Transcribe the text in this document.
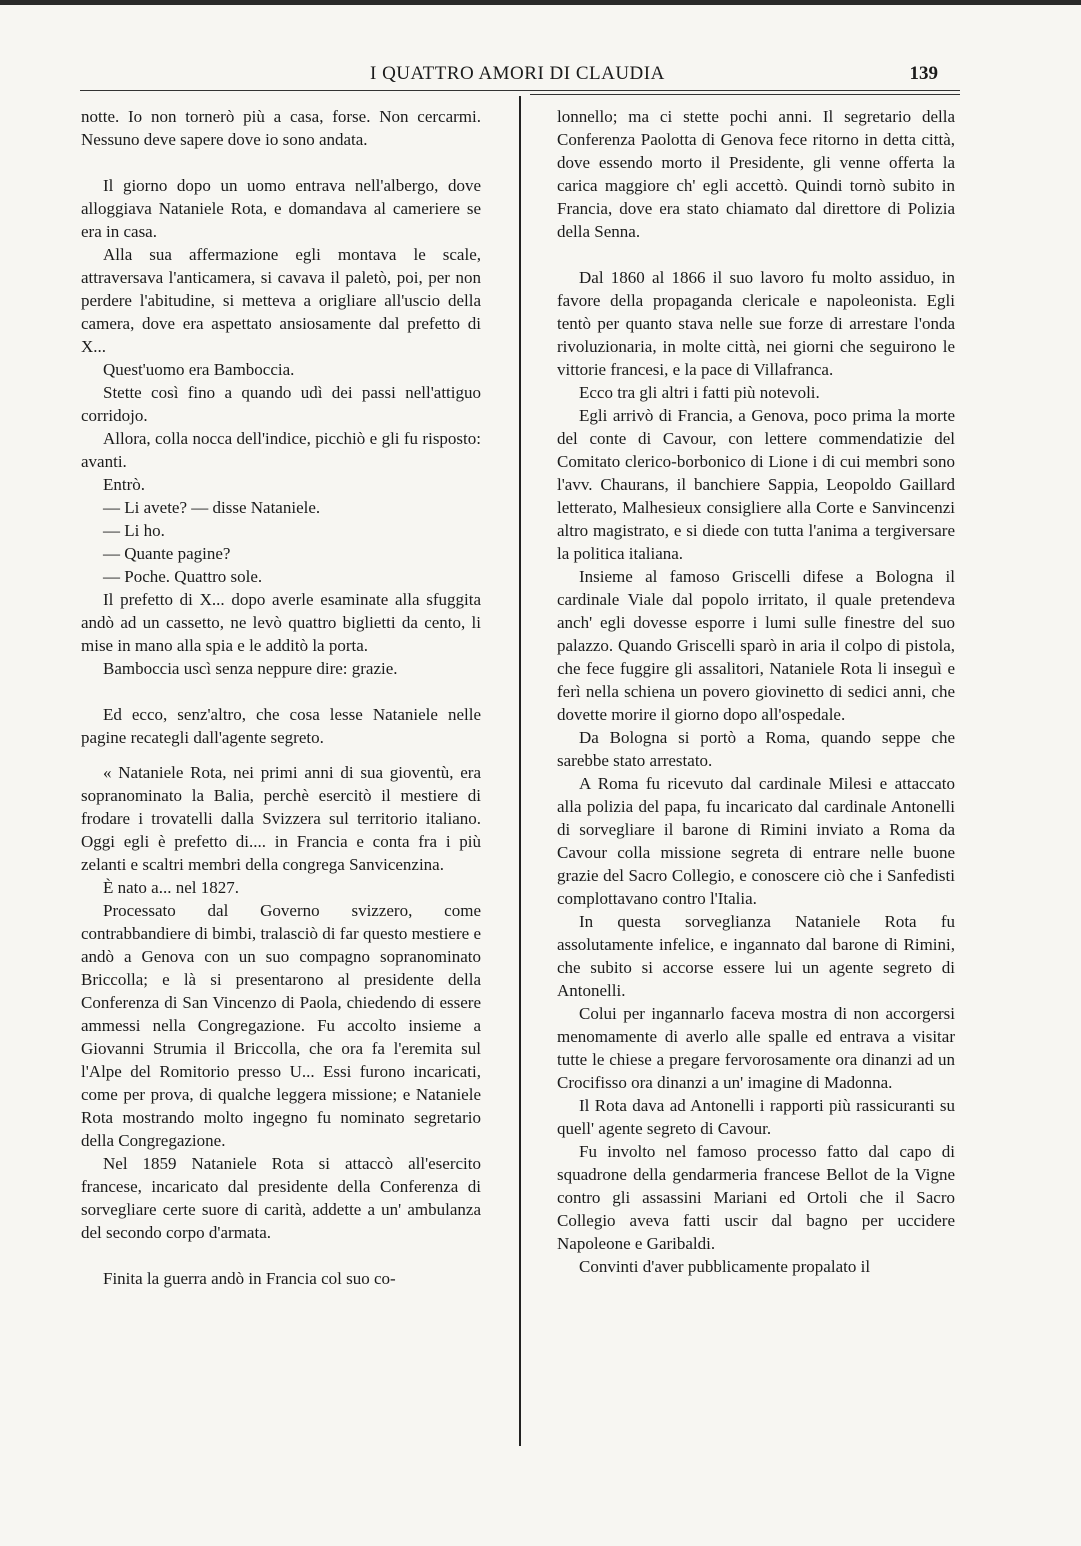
I QUATTRO AMORI DI CLAUDIA	139

notte. Io non tornerò più a casa, forse. Non cercarmi. Nessuno deve sapere dove io sono andata.

Il giorno dopo un uomo entrava nell'albergo, dove alloggiava Nataniele Rota, e domandava al cameriere se era in casa.

Alla sua affermazione egli montava le scale, attraversava l'anticamera, si cavava il paletò, poi, per non perdere l'abitudine, si metteva a origliare all'uscio della camera, dove era aspettato ansiosamente dal prefetto di X...

Quest'uomo era Bamboccia.

Stette così fino a quando udì dei passi nell'attiguo corridojo.

Allora, colla nocca dell'indice, picchiò e gli fu risposto: avanti.

Entrò.

— Li avete? — disse Nataniele.

— Li ho.

— Quante pagine?

— Poche. Quattro sole.

Il prefetto di X... dopo averle esaminate alla sfuggita andò ad un cassetto, ne levò quattro biglietti da cento, li mise in mano alla spia e le additò la porta.

Bamboccia uscì senza neppure dire: grazie.

Ed ecco, senz'altro, che cosa lesse Nataniele nelle pagine recategli dall'agente segreto.

« Nataniele Rota, nei primi anni di sua gioventù, era sopranominato la Balia, perchè esercitò il mestiere di frodare i trovatelli dalla Svizzera sul territorio italiano. Oggi egli è prefetto di.... in Francia e conta fra i più zelanti e scaltri membri della congrega Sanvicenzina.

È nato a... nel 1827.

Processato dal Governo svizzero, come contrabbandiere di bimbi, tralasciò di far questo mestiere e andò a Genova con un suo compagno sopranominato Briccolla; e là si presentarono al presidente della Conferenza di San Vincenzo di Paola, chiedendo di essere ammessi nella Congregazione. Fu accolto insieme a Giovanni Strumia il Briccolla, che ora fa l'eremita sul l'Alpe del Romitorio presso U... Essi furono incaricati, come per prova, di qualche leggera missione; e Nataniele Rota mostrando molto ingegno fu nominato segretario della Congregazione.

Nel 1859 Nataniele Rota si attaccò all'esercito francese, incaricato dal presidente della Conferenza di sorvegliare certe suore di carità, addette a un' ambulanza del secondo corpo d'armata.

Finita la guerra andò in Francia col suo co-

lonnello; ma ci stette pochi anni. Il segretario della Conferenza Paolotta di Genova fece ritorno in detta città, dove essendo morto il Presidente, gli venne offerta la carica maggiore ch' egli accettò. Quindi tornò subito in Francia, dove era stato chiamato dal direttore di Polizia della Senna.

Dal 1860 al 1866 il suo lavoro fu molto assiduo, in favore della propaganda clericale e napoleonista. Egli tentò per quanto stava nelle sue forze di arrestare l'onda rivoluzionaria, in molte città, nei giorni che seguirono le vittorie francesi, e la pace di Villafranca.

Ecco tra gli altri i fatti più notevoli.

Egli arrivò di Francia, a Genova, poco prima la morte del conte di Cavour, con lettere commendatizie del Comitato clerico-borbonico di Lione i di cui membri sono l'avv. Chaurans, il banchiere Sappia, Leopoldo Gaillard letterato, Malhesieux consigliere alla Corte e Sanvincenzi altro magistrato, e si diede con tutta l'anima a tergiversare la politica italiana.

Insieme al famoso Griscelli difese a Bologna il cardinale Viale dal popolo irritato, il quale pretendeva anch' egli dovesse esporre i lumi sulle finestre del suo palazzo. Quando Griscelli sparò in aria il colpo di pistola, che fece fuggire gli assalitori, Nataniele Rota li inseguì e ferì nella schiena un povero giovinetto di sedici anni, che dovette morire il giorno dopo all'ospedale.

Da Bologna si portò a Roma, quando seppe che sarebbe stato arrestato.

A Roma fu ricevuto dal cardinale Milesi e attaccato alla polizia del papa, fu incaricato dal cardinale Antonelli di sorvegliare il barone di Rimini inviato a Roma da Cavour colla missione segreta di entrare nelle buone grazie del Sacro Collegio, e conoscere ciò che i Sanfedisti complottavano contro l'Italia.

In questa sorveglianza Nataniele Rota fu assolutamente infelice, e ingannato dal barone di Rimini, che subito si accorse essere lui un agente segreto di Antonelli.

Colui per ingannarlo faceva mostra di non accorgersi menomamente di averlo alle spalle ed entrava a visitar tutte le chiese a pregare fervorosamente ora dinanzi ad un Crocifisso ora dinanzi a un' imagine di Madonna.

Il Rota dava ad Antonelli i rapporti più rassicuranti su quell' agente segreto di Cavour.

Fu involto nel famoso processo fatto dal capo di squadrone della gendarmeria francese Bellot de la Vigne contro gli assassini Mariani ed Ortoli che il Sacro Collegio aveva fatti uscir dal bagno per uccidere Napoleone e Garibaldi.

Convinti d'aver pubblicamente propalato il
